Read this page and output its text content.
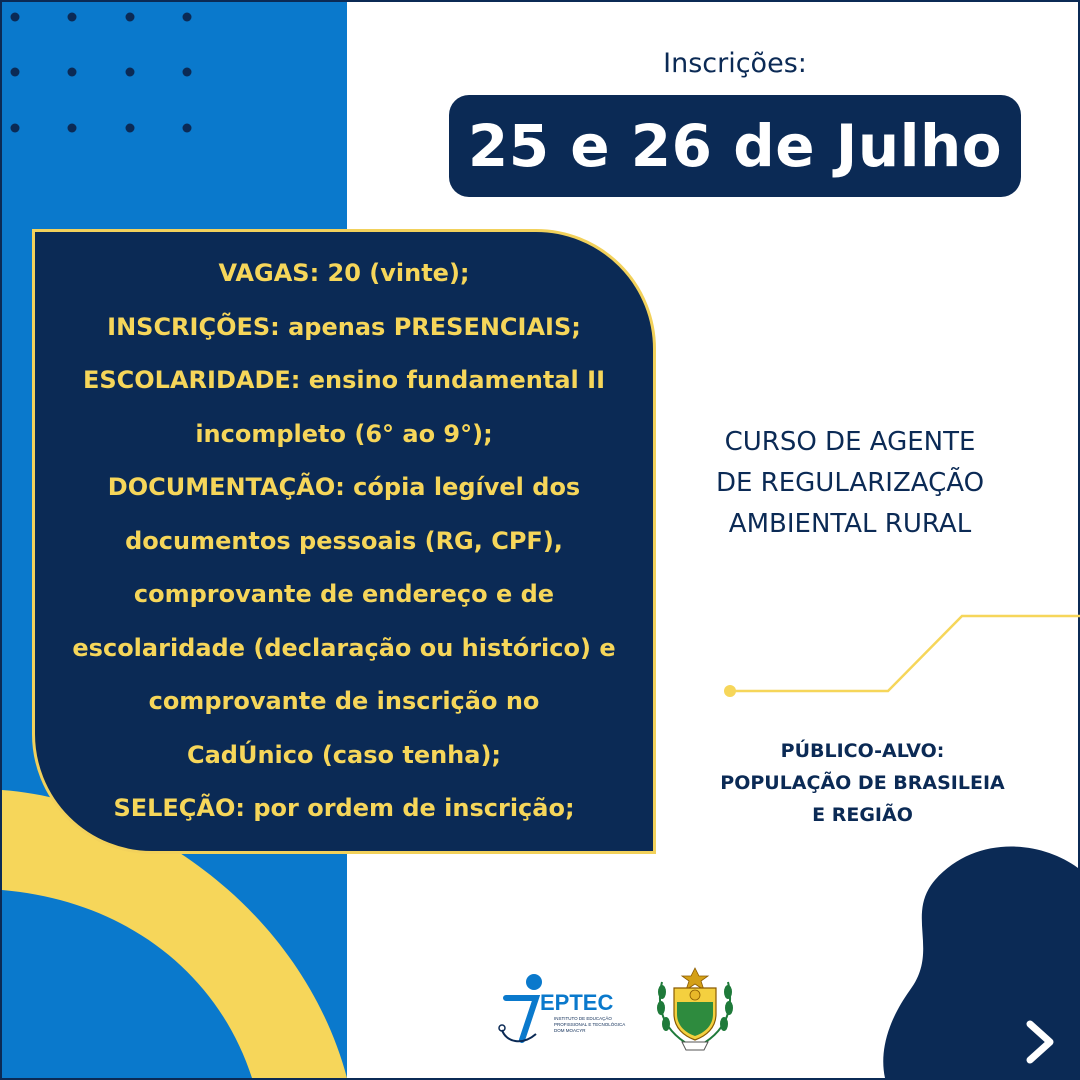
Inscrições:
25 e 26 de Julho
VAGAS: 20 (vinte);
INSCRIÇÕES: apenas PRESENCIAIS;
ESCOLARIDADE: ensino fundamental II
incompleto (6° ao 9°);
DOCUMENTAÇÃO: cópia legível dos
documentos pessoais (RG, CPF),
comprovante de endereço e de
escolaridade (declaração ou histórico) e
comprovante de inscrição no
CadÚnico (caso tenha);
SELEÇÃO: por ordem de inscrição;
CURSO DE AGENTE
DE REGULARIZAÇÃO
AMBIENTAL RURAL
PÚBLICO-ALVO:
POPULAÇÃO DE BRASILEIA
E REGIÃO
EPTEC
INSTITUTO DE EDUCAÇÃO
PROFISSIONAL E TECNOLÓGICA
DOM MOACYR
